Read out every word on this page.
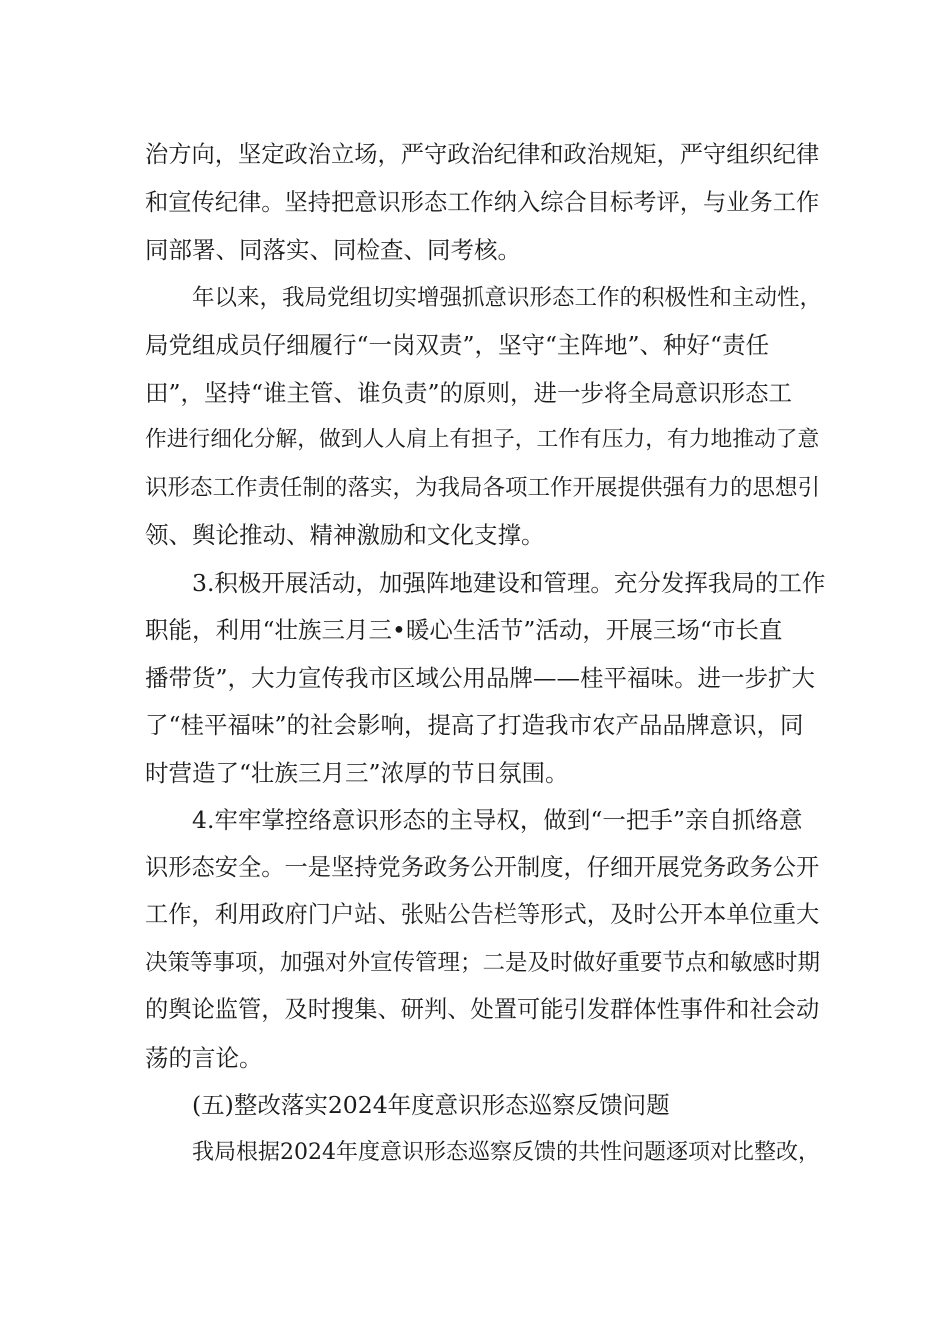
治方向，坚定政治立场，严守政治纪律和政治规矩，严守组织纪律
和宣传纪律。坚持把意识形态工作纳入综合目标考评，与业务工作
同部署、同落实、同检查、同考核。
年以来，我局党组切实增强抓意识形态工作的积极性和主动性，
局党组成员仔细履行“一岗双责”，坚守“主阵地”、种好“责任
田”，坚持“谁主管、谁负责”的原则，进一步将全局意识形态工
作进行细化分解，做到人人肩上有担子，工作有压力，有力地推动了意
识形态工作责任制的落实，为我局各项工作开展提供强有力的思想引
领、舆论推动、精神激励和文化支撑。
3.积极开展活动，加强阵地建设和管理。充分发挥我局的工作
职能，利用“壮族三月三•暖心生活节”活动，开展三场“市长直
播带货”，大力宣传我市区域公用品牌——桂平福味。进一步扩大
了“桂平福味”的社会影响，提高了打造我市农产品品牌意识，同
时营造了“壮族三月三”浓厚的节日氛围。
4.牢牢掌控络意识形态的主导权，做到“一把手”亲自抓络意
识形态安全。一是坚持党务政务公开制度，仔细开展党务政务公开
工作，利用政府门户站、张贴公告栏等形式，及时公开本单位重大
决策等事项，加强对外宣传管理；二是及时做好重要节点和敏感时期
的舆论监管，及时搜集、研判、处置可能引发群体性事件和社会动
荡的言论。
(五)整改落实2024年度意识形态巡察反馈问题
我局根据2024年度意识形态巡察反馈的共性问题逐项对比整改，
